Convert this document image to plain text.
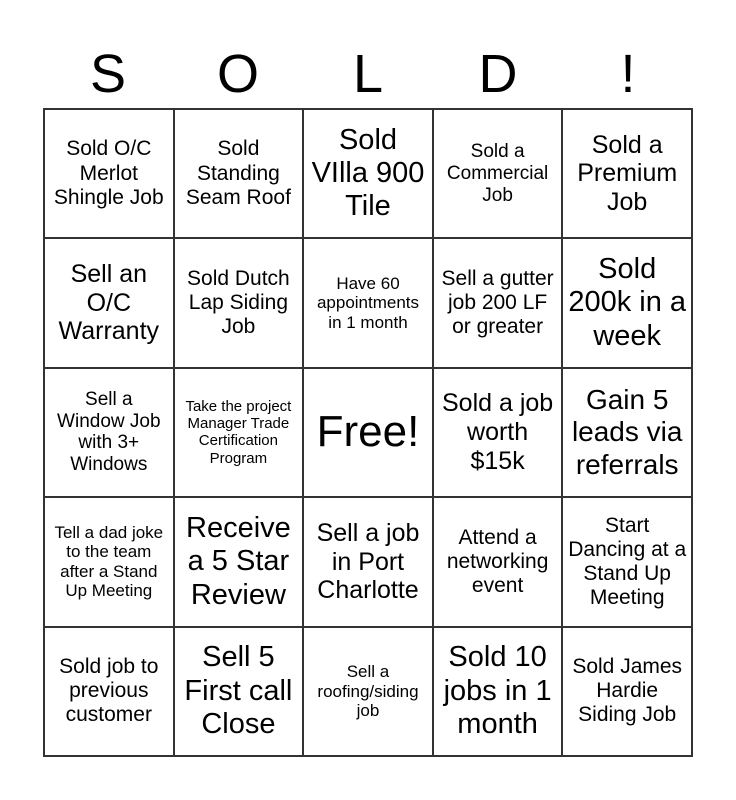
S	O	L	D	!
Sold O/C Merlot Shingle Job
Sold Standing Seam Roof
Sold VIlla 900 Tile
Sold a Commercial Job
Sold a Premium Job
Sell an O/C Warranty
Sold Dutch Lap Siding Job
Have 60 appointments in 1 month
Sell a gutter job 200 LF or greater
Sold 200k in a week
Sell a Window Job with 3+ Windows
Take the project Manager Trade Certification Program
Free!
Sold a job worth $15k
Gain 5 leads via referrals
Tell a dad joke to the team after a Stand Up Meeting
Receive a 5 Star Review
Sell a job in Port Charlotte
Attend a networking event
Start Dancing at a Stand Up Meeting
Sold job to previous customer
Sell 5 First call Close
Sell a roofing/siding job
Sold 10 jobs in 1 month
Sold James Hardie Siding Job
